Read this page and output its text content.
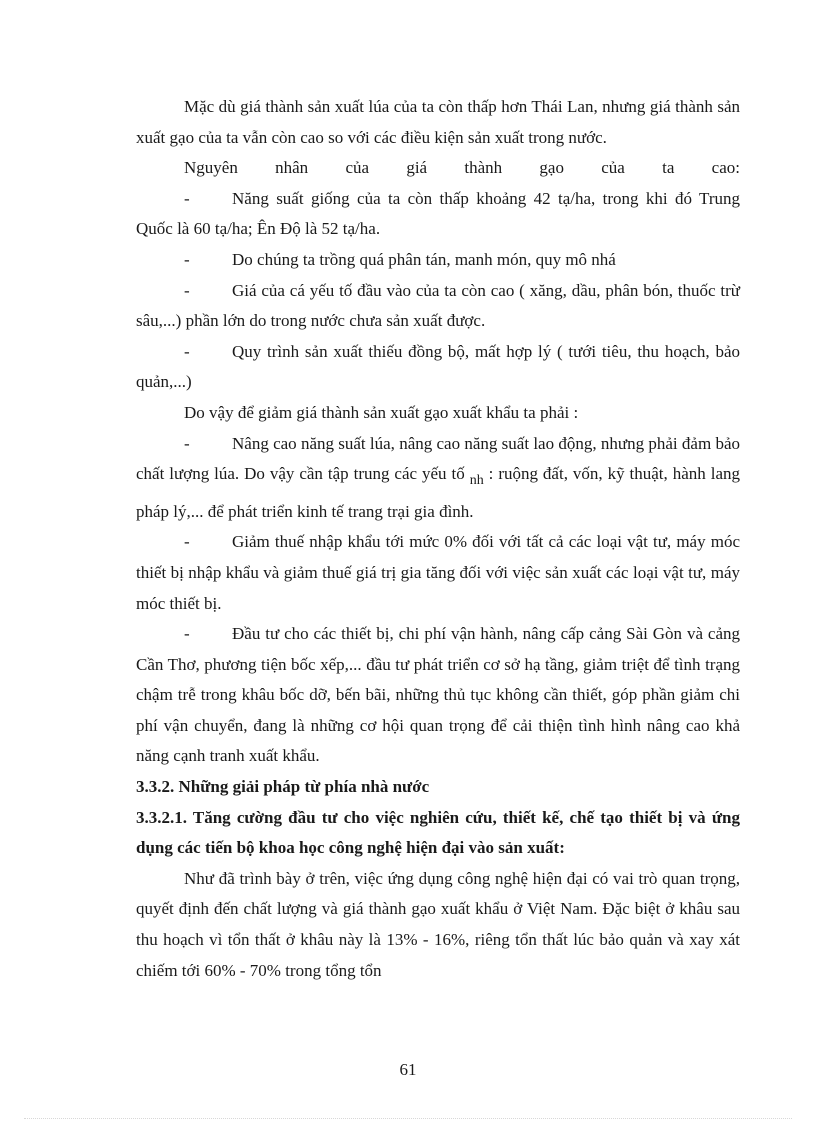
Mặc dù giá thành sản xuất lúa của ta còn thấp hơn Thái Lan, nhưng giá thành sản xuất gạo của ta vẫn còn cao so với các điều kiện sản xuất trong nước.

Nguyên nhân của giá thành gạo của ta cao:

- Năng suất giống của ta còn thấp khoảng 42 tạ/ha, trong khi đó Trung Quốc là 60 tạ/ha; Ên Độ là 52 tạ/ha.

- Do chúng ta trồng quá phân tán, manh món, quy mô nhá

- Giá của cá yếu tố đầu vào của ta còn cao ( xăng, dầu, phân bón, thuốc trừ sâu,...) phần lớn do trong nước chưa sản xuất được.

- Quy trình sản xuất thiếu đồng bộ, mất hợp lý ( tưới tiêu, thu hoạch, bảo quản,...)

Do vậy để giảm giá thành sản xuất gạo xuất khẩu ta phải :

- Nâng cao năng suất lúa, nâng cao năng suất lao động, nhưng phải đảm bảo chất lượng lúa. Do vậy cần tập trung các yếu tố $_{nh}$ : ruộng đất, vốn, kỹ thuật, hành lang pháp lý,... để phát triển kinh tế trang trại gia đình.

- Giảm thuế nhập khẩu tới mức 0% đối với tất cả các loại vật tư, máy móc thiết bị nhập khẩu và giảm thuế giá trị gia tăng đối với việc sản xuất các loại vật tư, máy móc thiết bị.

- Đầu tư cho các thiết bị, chi phí vận hành, nâng cấp cảng Sài Gòn và cảng Cần Thơ, phương tiện bốc xếp,... đầu tư phát triển cơ sở hạ tầng, giảm triệt để tình trạng chậm trễ trong khâu bốc dỡ, bến bãi, những thủ tục không cần thiết, góp phần giảm chi phí vận chuyển, đang là những cơ hội quan trọng để cải thiện tình hình nâng cao khả năng cạnh tranh xuất khẩu.

3.3.2. Những giải pháp từ phía nhà nước

3.3.2.1. Tăng cường đầu tư cho việc nghiên cứu, thiết kế, chế tạo thiết bị và ứng dụng các tiến bộ khoa học công nghệ hiện đại vào sản xuất:

Như đã trình bày ở trên, việc ứng dụng công nghệ hiện đại có vai trò quan trọng, quyết định đến chất lượng và giá thành gạo xuất khẩu ở Việt Nam. Đặc biệt ở khâu sau thu hoạch vì tổn thất ở khâu này là 13% - 16%, riêng tổn thất lúc bảo quản và xay xát chiếm tới 60% - 70% trong tổng tổn

61
